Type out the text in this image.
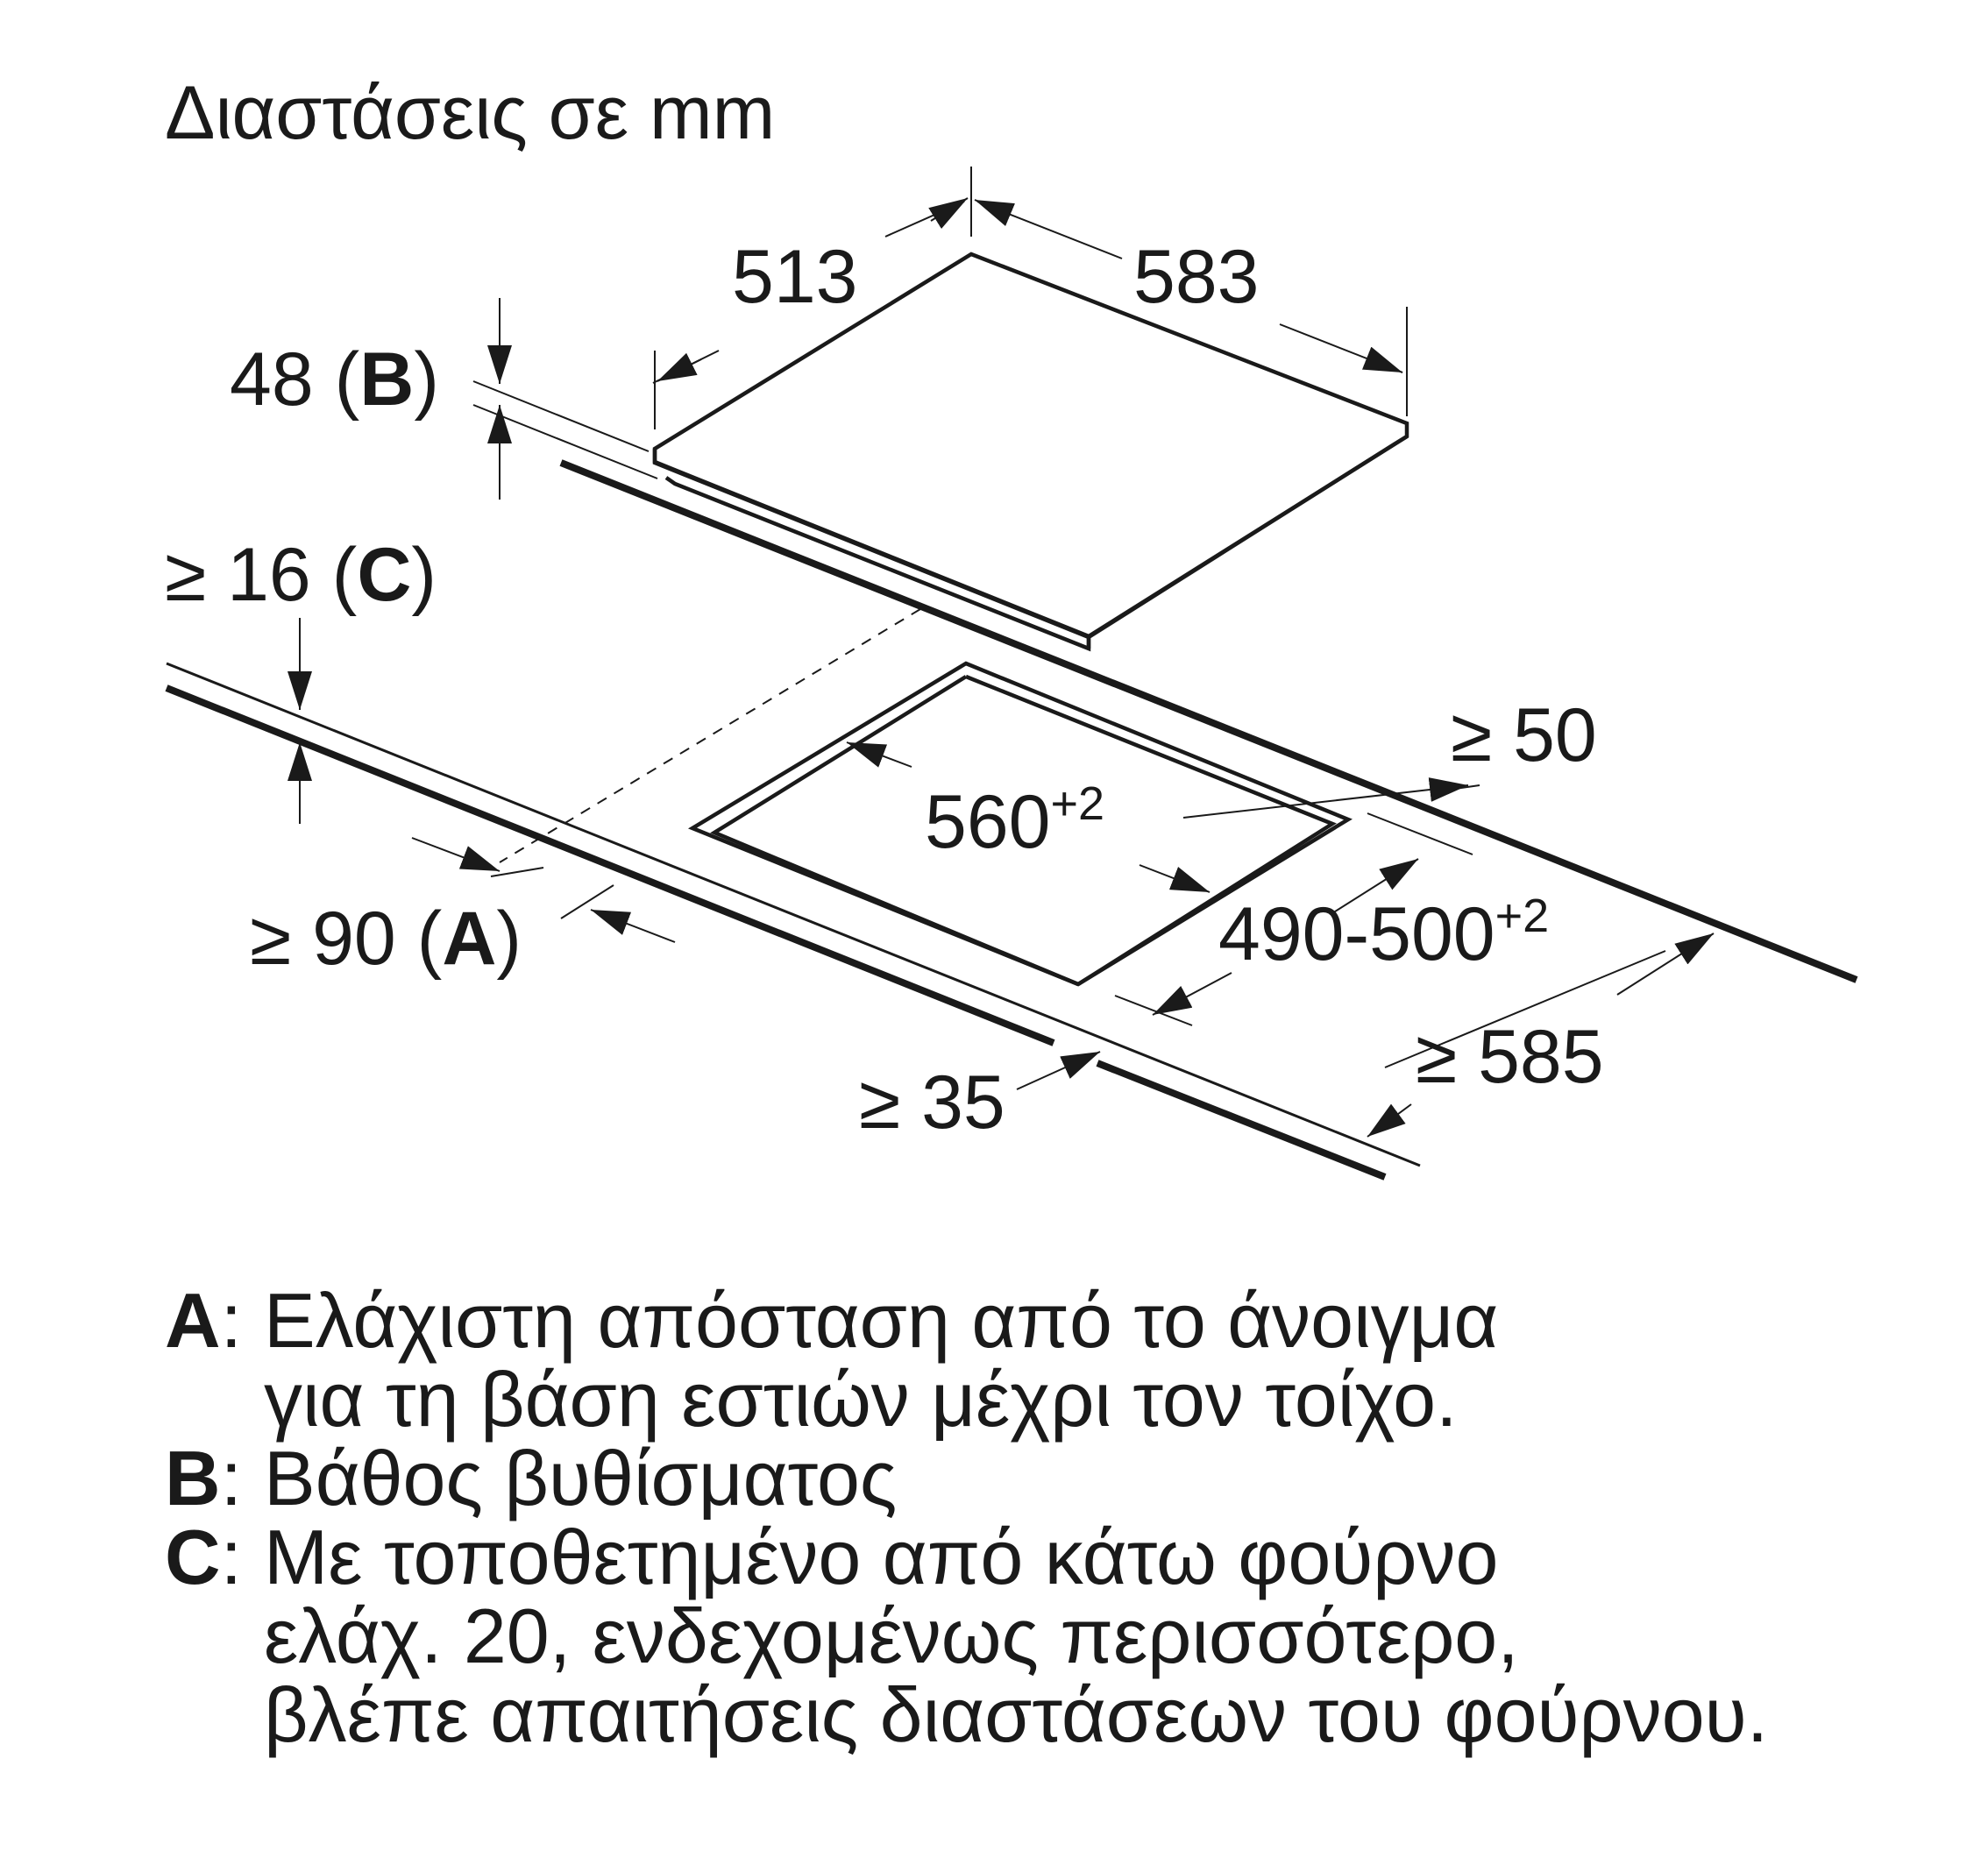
Διαστάσεις σε mm
513	583
48 (B)
≥ 16 (C)
≥ 50
$560^{+2}$
$490-500^{+2}$
≥ 90 (A)
≥ 35
≥ 585
A: Ελάχιστη απόσταση από το άνοιγμα
για τη βάση εστιών μέχρι τον τοίχο.
B: Βάθος βυθίσματος
C: Με τοποθετημένο από κάτω φούρνο
ελάχ. 20, ενδεχομένως περισσότερο,
βλέπε απαιτήσεις διαστάσεων του φούρνου.
